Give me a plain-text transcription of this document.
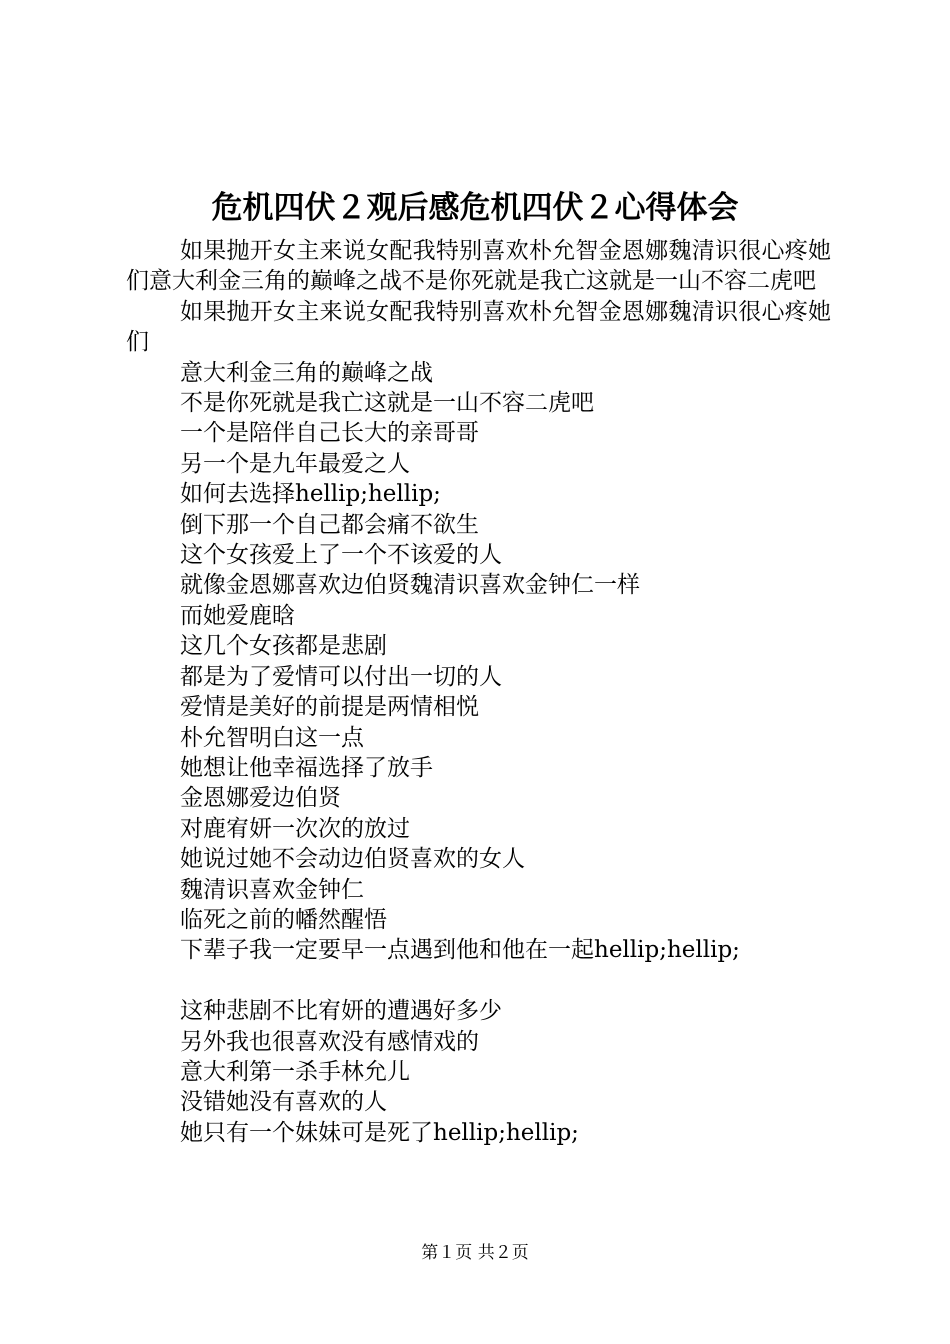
危机四伏２观后感危机四伏２心得体会

如果抛开女主来说女配我特别喜欢朴允智金恩娜魏清识很心疼她们意大利金三角的巅峰之战不是你死就是我亡这就是一山不容二虎吧

如果抛开女主来说女配我特别喜欢朴允智金恩娜魏清识很心疼她们

意大利金三角的巅峰之战

不是你死就是我亡这就是一山不容二虎吧

一个是陪伴自己长大的亲哥哥

另一个是九年最爱之人

如何去选择hellip;hellip;

倒下那一个自己都会痛不欲生

这个女孩爱上了一个不该爱的人

就像金恩娜喜欢边伯贤魏清识喜欢金钟仁一样

而她爱鹿晗

这几个女孩都是悲剧

都是为了爱情可以付出一切的人

爱情是美好的前提是两情相悦

朴允智明白这一点

她想让他幸福选择了放手

金恩娜爱边伯贤

对鹿宥妍一次次的放过

她说过她不会动边伯贤喜欢的女人

魏清识喜欢金钟仁

临死之前的幡然醒悟

下辈子我一定要早一点遇到他和他在一起hellip;hellip;

这种悲剧不比宥妍的遭遇好多少

另外我也很喜欢没有感情戏的

意大利第一杀手林允儿

没错她没有喜欢的人

她只有一个妹妹可是死了hellip;hellip;

第１页 共２页
